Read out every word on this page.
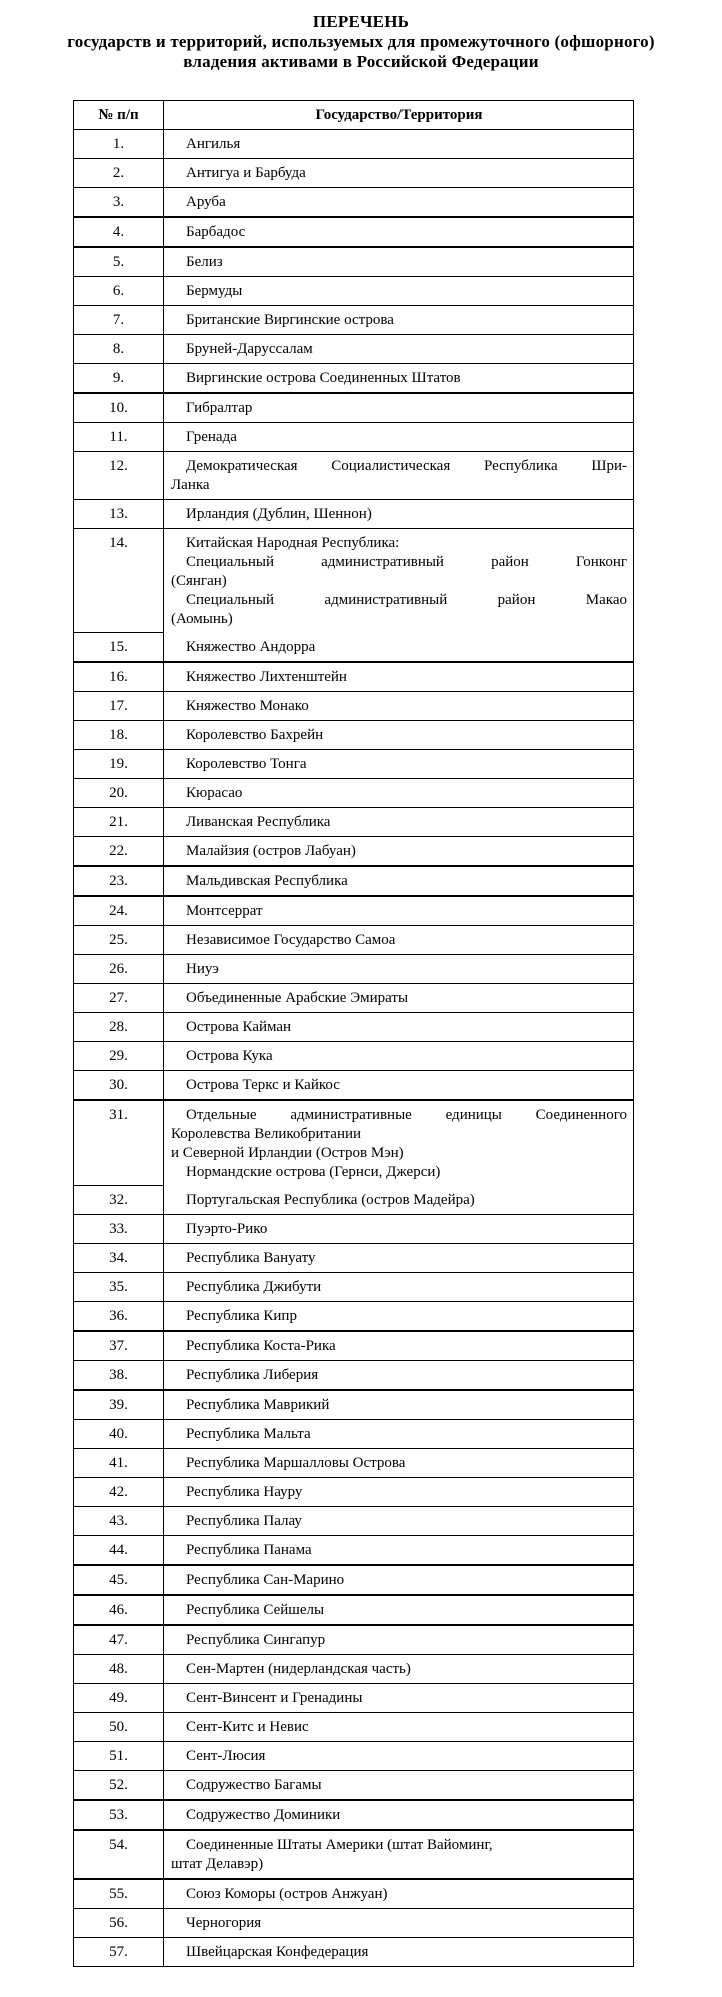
ПЕРЕЧЕНЬ
государств и территорий, используемых для промежуточного (офшорного)
владения активами в Российской Федерации
№ п/п	Государство/Территория
1.	Ангилья
2.	Антигуа и Барбуда
3.	Аруба
4.	Барбадос
5.	Белиз
6.	Бермуды
7.	Британские Виргинские острова
8.	Бруней-Даруссалам
9.	Виргинские острова Соединенных Штатов
10.	Гибралтар
11.	Гренада
12.	Демократическая Социалистическая Республика Шри-
Ланка
13.	Ирландия (Дублин, Шеннон)
14.	Китайская Народная Республика:
Специальный административный район Гонконг
(Сянган)
Специальный административный район Макао
(Аомынь)
15.	Княжество Андорра
16.	Княжество Лихтенштейн
17.	Княжество Монако
18.	Королевство Бахрейн
19.	Королевство Тонга
20.	Кюрасао
21.	Ливанская Республика
22.	Малайзия (остров Лабуан)
23.	Мальдивская Республика
24.	Монтсеррат
25.	Независимое Государство Самоа
26.	Ниуэ
27.	Объединенные Арабские Эмираты
28.	Острова Кайман
29.	Острова Кука
30.	Острова Теркс и Кайкос
31.	Отдельные административные единицы Соединенного
Королевства Великобритании
и Северной Ирландии (Остров Мэн)
Нормандские острова (Гернси, Джерси)
32.	Португальская Республика (остров Мадейра)
33.	Пуэрто-Рико
34.	Республика Вануату
35.	Республика Джибути
36.	Республика Кипр
37.	Республика Коста-Рика
38.	Республика Либерия
39.	Республика Маврикий
40.	Республика Мальта
41.	Республика Маршалловы Острова
42.	Республика Науру
43.	Республика Палау
44.	Республика Панама
45.	Республика Сан-Марино
46.	Республика Сейшелы
47.	Республика Сингапур
48.	Сен-Мартен (нидерландская часть)
49.	Сент-Винсент и Гренадины
50.	Сент-Китс и Невис
51.	Сент-Люсия
52.	Содружество Багамы
53.	Содружество Доминики
54.	Соединенные Штаты Америки (штат Вайоминг,
штат Делавэр)
55.	Союз Коморы (остров Анжуан)
56.	Черногория
57.	Швейцарская Конфедерация
